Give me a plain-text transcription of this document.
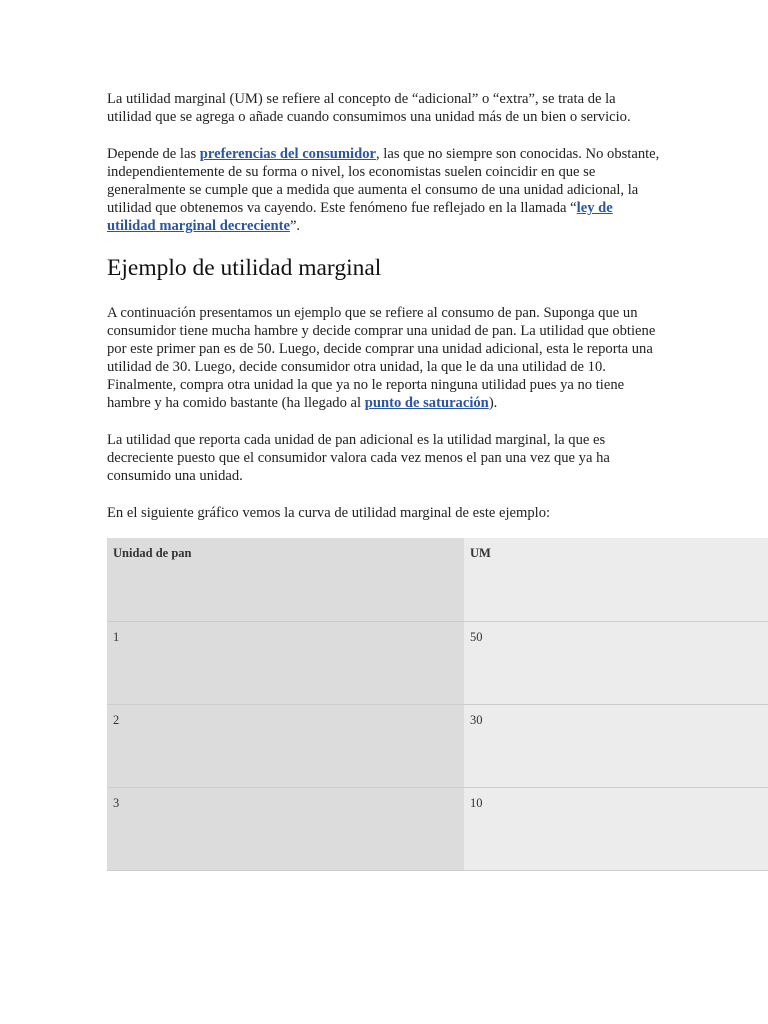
La utilidad marginal (UM) se refiere al concepto de “adicional” o “extra”, se trata de la utilidad que se agrega o añade cuando consumimos una unidad más de un bien o servicio.

Depende de las preferencias del consumidor, las que no siempre son conocidas. No obstante, independientemente de su forma o nivel, los economistas suelen coincidir en que se generalmente se cumple que a medida que aumenta el consumo de una unidad adicional, la utilidad que obtenemos va cayendo. Este fenómeno fue reflejado en la llamada “ley de utilidad marginal decreciente”.

Ejemplo de utilidad marginal

A continuación presentamos un ejemplo que se refiere al consumo de pan. Suponga que un consumidor tiene mucha hambre y decide comprar una unidad de pan. La utilidad que obtiene por este primer pan es de 50. Luego, decide comprar una unidad adicional, esta le reporta una utilidad de 30. Luego, decide consumidor otra unidad, la que le da una utilidad de 10. Finalmente, compra otra unidad la que ya no le reporta ninguna utilidad pues ya no tiene hambre y ha comido bastante (ha llegado al punto de saturación).

La utilidad que reporta cada unidad de pan adicional es la utilidad marginal, la que es decreciente puesto que el consumidor valora cada vez menos el pan una vez que ya ha consumido una unidad.

En el siguiente gráfico vemos la curva de utilidad marginal de este ejemplo:

Unidad de pan	UM
1	50
2	30
3	10
